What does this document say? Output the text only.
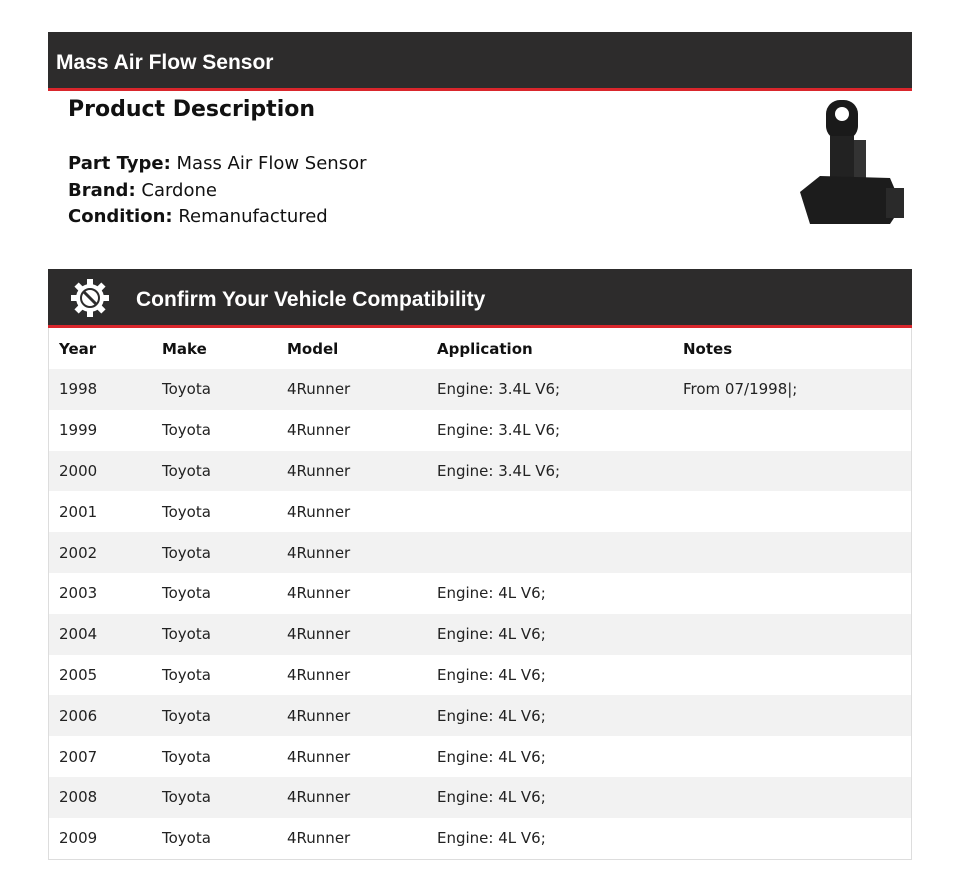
Mass Air Flow Sensor
Product Description
Part Type: Mass Air Flow Sensor
Brand: Cardone
Condition: Remanufactured
Confirm Your Vehicle Compatibility
Year	Make	Model	Application	Notes
1998	Toyota	4Runner	Engine: 3.4L V6;	From 07/1998|;
1999	Toyota	4Runner	Engine: 3.4L V6;	
2000	Toyota	4Runner	Engine: 3.4L V6;	
2001	Toyota	4Runner		
2002	Toyota	4Runner		
2003	Toyota	4Runner	Engine: 4L V6;	
2004	Toyota	4Runner	Engine: 4L V6;	
2005	Toyota	4Runner	Engine: 4L V6;	
2006	Toyota	4Runner	Engine: 4L V6;	
2007	Toyota	4Runner	Engine: 4L V6;	
2008	Toyota	4Runner	Engine: 4L V6;	
2009	Toyota	4Runner	Engine: 4L V6;	
